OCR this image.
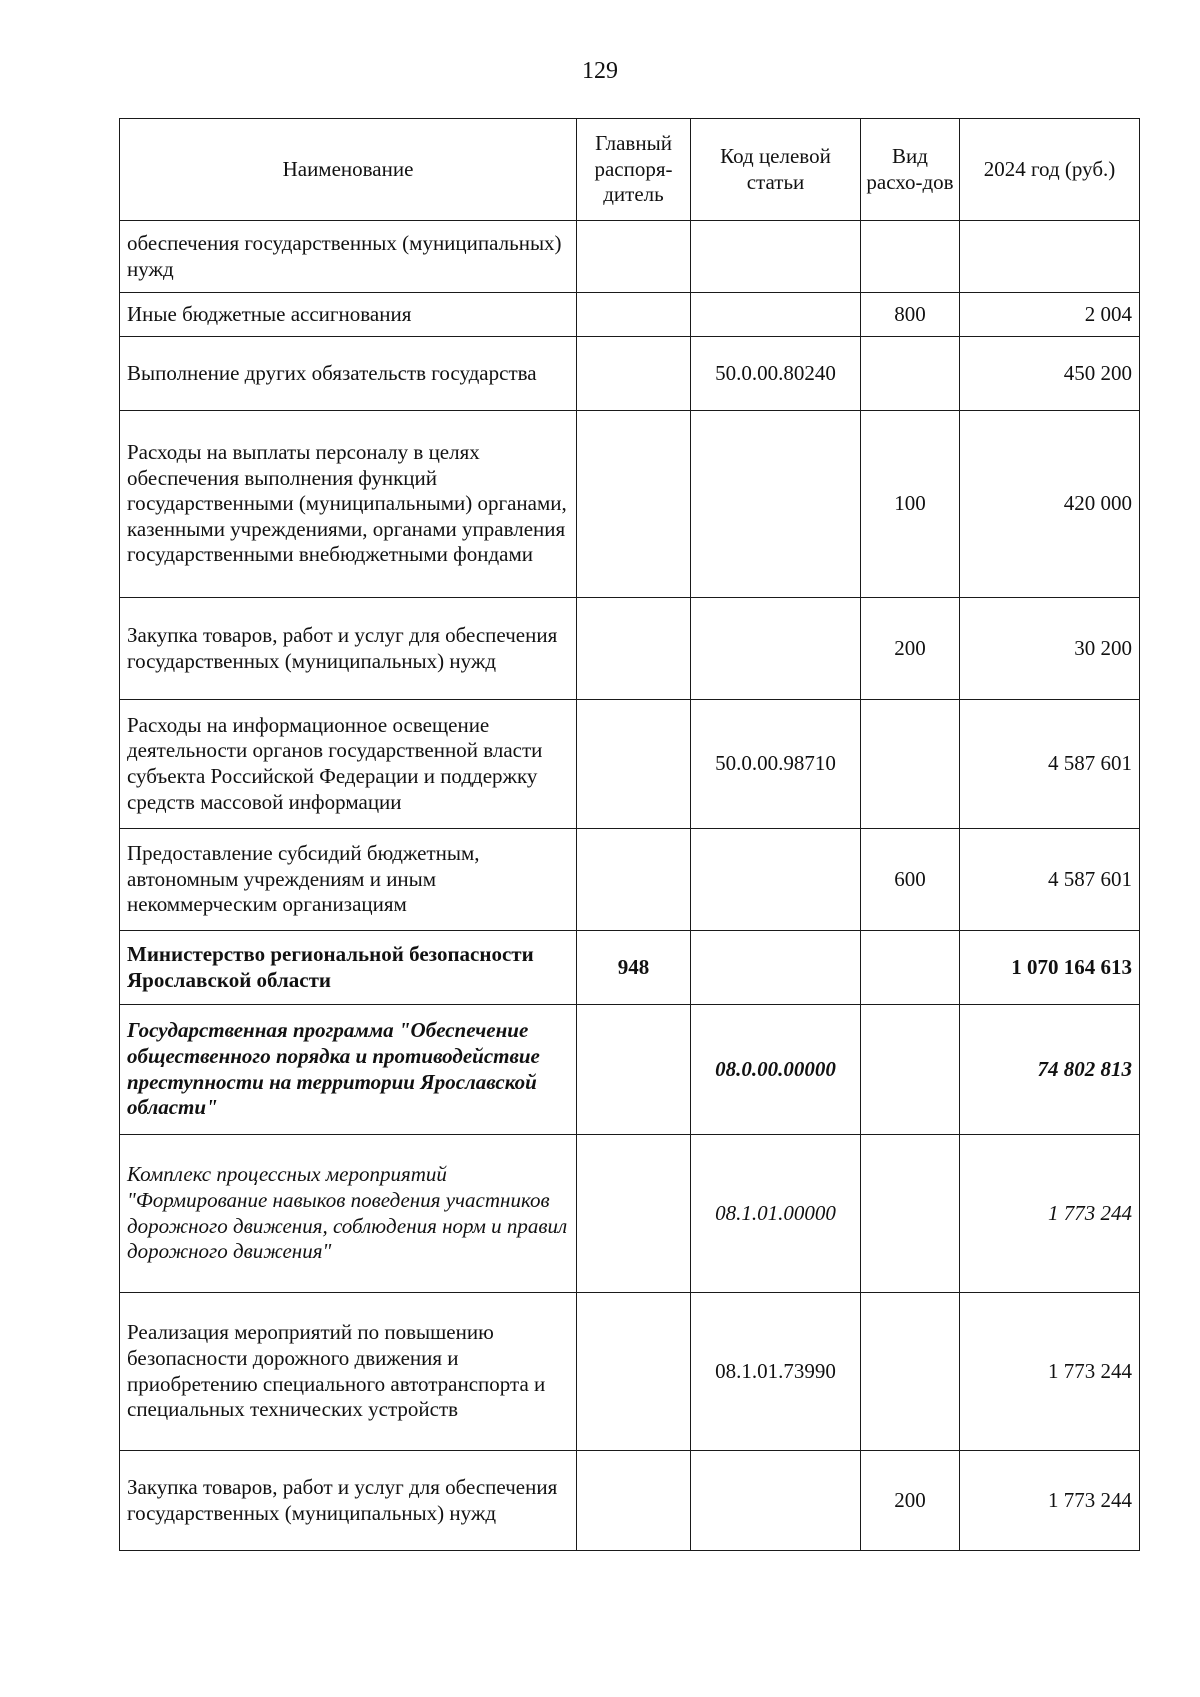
129
Наименование	Главный распоря-дитель	Код целевой статьи	Вид расхо-дов	2024 год (руб.)
обеспечения государственных (муниципальных) нужд				
Иные бюджетные ассигнования			800	2 004
Выполнение других обязательств государства		50.0.00.80240		450 200
Расходы на выплаты персоналу в целях обеспечения выполнения функций государственными (муниципальными) органами, казенными учреждениями, органами управления государственными внебюджетными фондами			100	420 000
Закупка товаров, работ и услуг для обеспечения государственных (муниципальных) нужд			200	30 200
Расходы на информационное освещение деятельности органов государственной власти субъекта Российской Федерации и поддержку средств массовой информации		50.0.00.98710		4 587 601
Предоставление субсидий бюджетным, автономным учреждениям и иным некоммерческим организациям			600	4 587 601
Министерство региональной безопасности Ярославской области	948			1 070 164 613
Государственная программа "Обеспечение общественного порядка и противодействие преступности на территории Ярославской области"		08.0.00.00000		74 802 813
Комплекс процессных мероприятий "Формирование навыков поведения участников дорожного движения, соблюдения норм и правил дорожного движения"		08.1.01.00000		1 773 244
Реализация мероприятий по повышению безопасности дорожного движения и приобретению специального автотранспорта и специальных технических устройств		08.1.01.73990		1 773 244
Закупка товаров, работ и услуг для обеспечения государственных (муниципальных) нужд			200	1 773 244
